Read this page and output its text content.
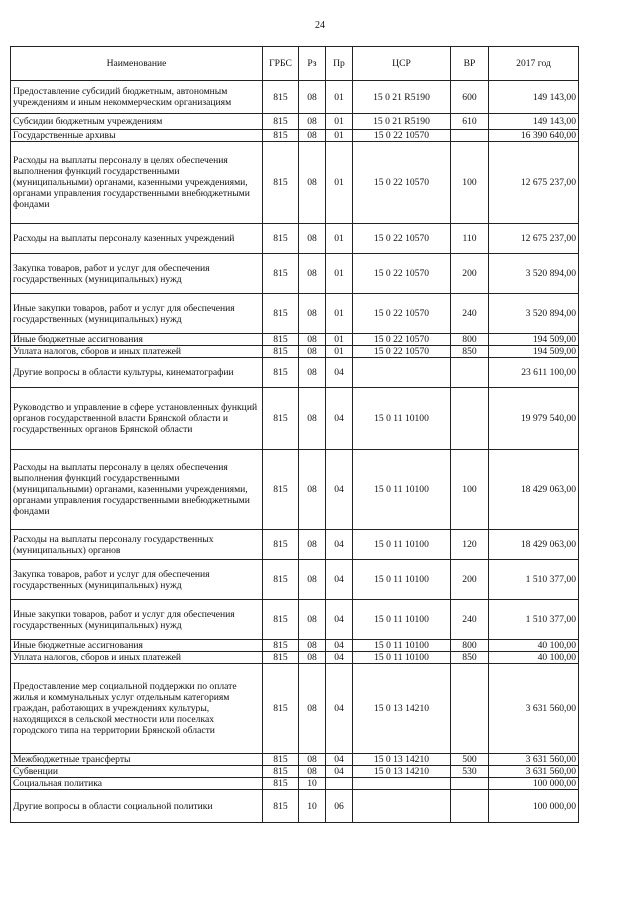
24
Наименование	ГРБС	Рз	Пр	ЦСР	ВР	2017 год
Предоставление субсидий бюджетным, автономным учреждениям и иным некоммерческим организациям	815	08	01	15 0 21 R5190	600	149 143,00
Субсидии бюджетным учреждениям	815	08	01	15 0 21 R5190	610	149 143,00
Государственные архивы	815	08	01	15 0 22 10570		16 390 640,00
Расходы на выплаты персоналу в целях обеспечения выполнения функций государственными (муниципальными) органами, казенными учреждениями, органами управления государственными внебюджетными фондами	815	08	01	15 0 22 10570	100	12 675 237,00
Расходы на выплаты персоналу казенных учреждений	815	08	01	15 0 22 10570	110	12 675 237,00
Закупка товаров, работ и услуг для обеспечения государственных (муниципальных) нужд	815	08	01	15 0 22 10570	200	3 520 894,00
Иные закупки товаров, работ и услуг для обеспечения государственных (муниципальных) нужд	815	08	01	15 0 22 10570	240	3 520 894,00
Иные бюджетные ассигнования	815	08	01	15 0 22 10570	800	194 509,00
Уплата налогов, сборов и иных платежей	815	08	01	15 0 22 10570	850	194 509,00
Другие вопросы в области культуры, кинематографии	815	08	04			23 611 100,00
Руководство и управление в сфере установленных функций органов государственной власти Брянской области и государственных органов Брянской области	815	08	04	15 0 11 10100		19 979 540,00
Расходы на выплаты персоналу в целях обеспечения выполнения функций государственными (муниципальными) органами, казенными учреждениями, органами управления государственными внебюджетными фондами	815	08	04	15 0 11 10100	100	18 429 063,00
Расходы на выплаты персоналу государственных (муниципальных) органов	815	08	04	15 0 11 10100	120	18 429 063,00
Закупка товаров, работ и услуг для обеспечения государственных (муниципальных) нужд	815	08	04	15 0 11 10100	200	1 510 377,00
Иные закупки товаров, работ и услуг для обеспечения государственных (муниципальных) нужд	815	08	04	15 0 11 10100	240	1 510 377,00
Иные бюджетные ассигнования	815	08	04	15 0 11 10100	800	40 100,00
Уплата налогов, сборов и иных платежей	815	08	04	15 0 11 10100	850	40 100,00
Предоставление мер социальной поддержки по оплате жилья и коммунальных услуг отдельным категориям граждан, работающих в учреждениях культуры, находящихся в сельской местности или поселках городского типа на территории Брянской области	815	08	04	15 0 13 14210		3 631 560,00
Межбюджетные трансферты	815	08	04	15 0 13 14210	500	3 631 560,00
Субвенции	815	08	04	15 0 13 14210	530	3 631 560,00
Социальная политика	815	10				100 000,00
Другие вопросы в области социальной политики	815	10	06			100 000,00
